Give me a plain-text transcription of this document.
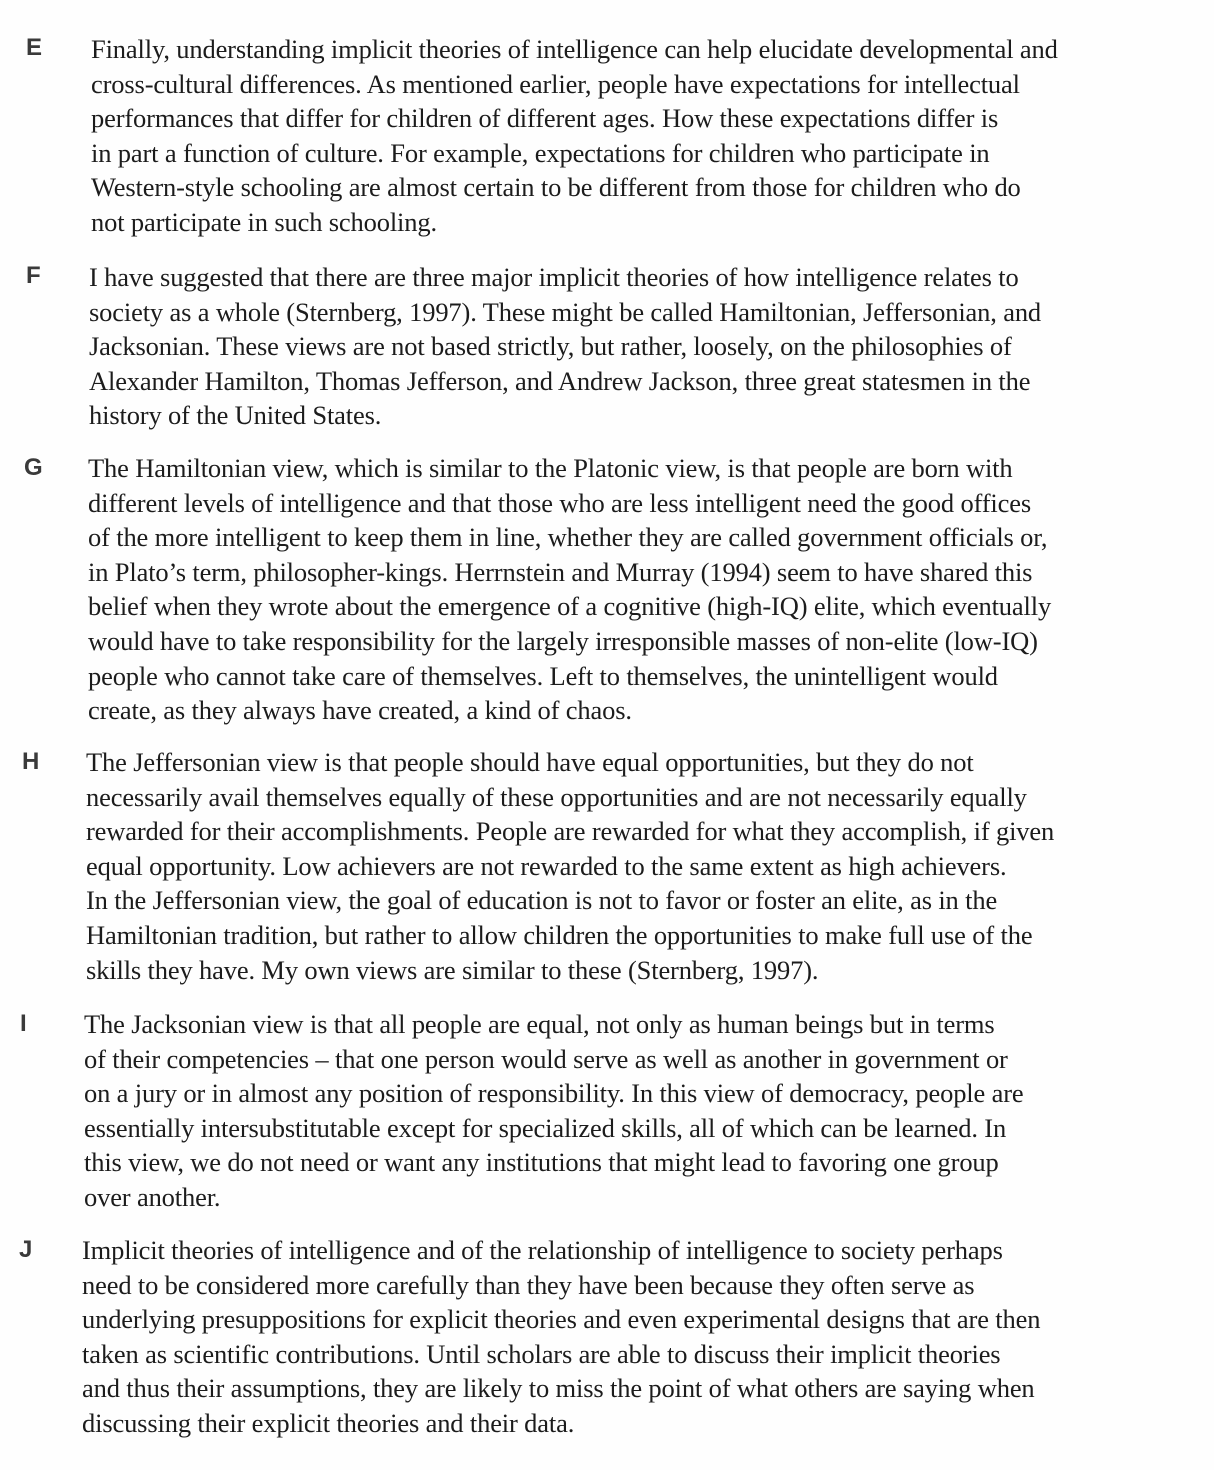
E Finally, understanding implicit theories of intelligence can help elucidate developmental and
cross-cultural differences. As mentioned earlier, people have expectations for intellectual
performances that differ for children of different ages. How these expectations differ is
in part a function of culture. For example, expectations for children who participate in
Western-style schooling are almost certain to be different from those for children who do
not participate in such schooling.
F I have suggested that there are three major implicit theories of how intelligence relates to
society as a whole (Sternberg, 1997). These might be called Hamiltonian, Jeffersonian, and
Jacksonian. These views are not based strictly, but rather, loosely, on the philosophies of
Alexander Hamilton, Thomas Jefferson, and Andrew Jackson, three great statesmen in the
history of the United States.
G The Hamiltonian view, which is similar to the Platonic view, is that people are born with
different levels of intelligence and that those who are less intelligent need the good offices
of the more intelligent to keep them in line, whether they are called government officials or,
in Plato’s term, philosopher-kings. Herrnstein and Murray (1994) seem to have shared this
belief when they wrote about the emergence of a cognitive (high-IQ) elite, which eventually
would have to take responsibility for the largely irresponsible masses of non-elite (low-IQ)
people who cannot take care of themselves. Left to themselves, the unintelligent would
create, as they always have created, a kind of chaos.
H The Jeffersonian view is that people should have equal opportunities, but they do not
necessarily avail themselves equally of these opportunities and are not necessarily equally
rewarded for their accomplishments. People are rewarded for what they accomplish, if given
equal opportunity. Low achievers are not rewarded to the same extent as high achievers.
In the Jeffersonian view, the goal of education is not to favor or foster an elite, as in the
Hamiltonian tradition, but rather to allow children the opportunities to make full use of the
skills they have. My own views are similar to these (Sternberg, 1997).
I The Jacksonian view is that all people are equal, not only as human beings but in terms
of their competencies – that one person would serve as well as another in government or
on a jury or in almost any position of responsibility. In this view of democracy, people are
essentially intersubstitutable except for specialized skills, all of which can be learned. In
this view, we do not need or want any institutions that might lead to favoring one group
over another.
J Implicit theories of intelligence and of the relationship of intelligence to society perhaps
need to be considered more carefully than they have been because they often serve as
underlying presuppositions for explicit theories and even experimental designs that are then
taken as scientific contributions. Until scholars are able to discuss their implicit theories
and thus their assumptions, they are likely to miss the point of what others are saying when
discussing their explicit theories and their data.
